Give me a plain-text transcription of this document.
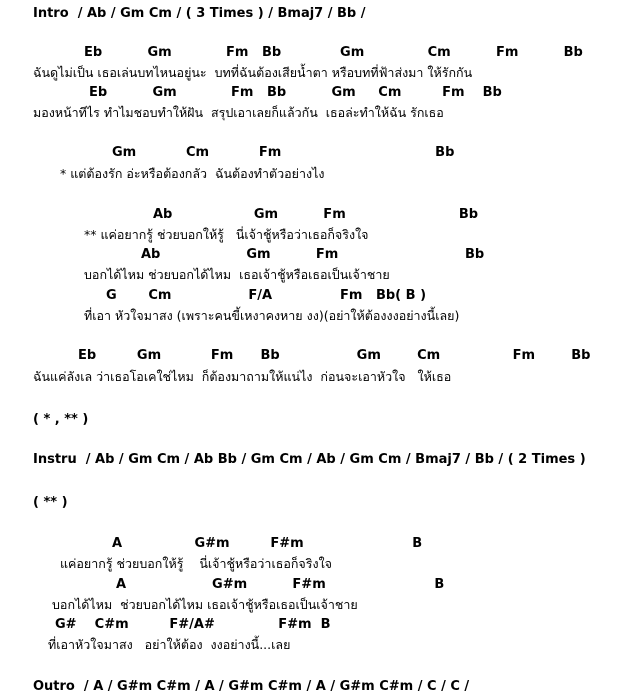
Intro  / Ab / Gm Cm / ( 3 Times ) / Bmaj7 / Bb /
Eb          Gm            Fm   Bb             Gm              Cm          Fm          Bb
ฉันดูไม่เป็น เธอเล่นบทไหนอยู่นะ  บทที่ฉันต้องเสียน้ำตา หรือบทที่ฟ้าส่งมา ให้รักกัน
Eb          Gm            Fm   Bb          Gm     Cm         Fm    Bb
มองหน้าทีไร ทำไมชอบทำให้ฝัน  สรุปเอาเลยก็แล้วกัน  เธอล่ะทำให้ฉัน รักเธอ
Gm           Cm           Fm                                  Bb
* แต่ต้องรัก อ่ะหรือต้องกลัว  ฉันต้องทำตัวอย่างไง
Ab                  Gm          Fm                         Bb
** แค่อยากรู้ ช่วยบอกให้รู้   นี่เจ้าชู้หรือว่าเธอก็จริงใจ
Ab                   Gm          Fm                            Bb
บอกได้ไหม ช่วยบอกได้ไหม  เธอเจ้าชู้หรือเธอเป็นเจ้าชาย
G       Cm                 F/A               Fm   Bb( B )
ที่เอา หัวใจมาสง (เพราะคนขี้เหงาคงหาย งง)(อย่าให้ต้องงงอย่างนี้เลย)
Eb         Gm           Fm      Bb                 Gm        Cm                Fm        Bb
ฉันแค่ลังเล ว่าเธอโอเคใช่ไหม  ก็ต้องมาถามให้แน่ไง  ก่อนจะเอาหัวใจ   ให้เธอ
( * , ** )
Instru  / Ab / Gm Cm / Ab Bb / Gm Cm / Ab / Gm Cm / Bmaj7 / Bb / ( 2 Times )
( ** )
A                G#m         F#m                        B
แค่อยากรู้ ช่วยบอกให้รู้    นี่เจ้าชู้หรือว่าเธอก็จริงใจ
A                   G#m          F#m                        B
บอกได้ไหม  ช่วยบอกได้ไหม เธอเจ้าชู้หรือเธอเป็นเจ้าชาย
G#    C#m         F#/A#              F#m  B
ที่เอาหัวใจมาสง   อย่าให้ต้อง  งงอย่างนี้...เลย
Outro  / A / G#m C#m / A / G#m C#m / A / G#m C#m / C / C /
